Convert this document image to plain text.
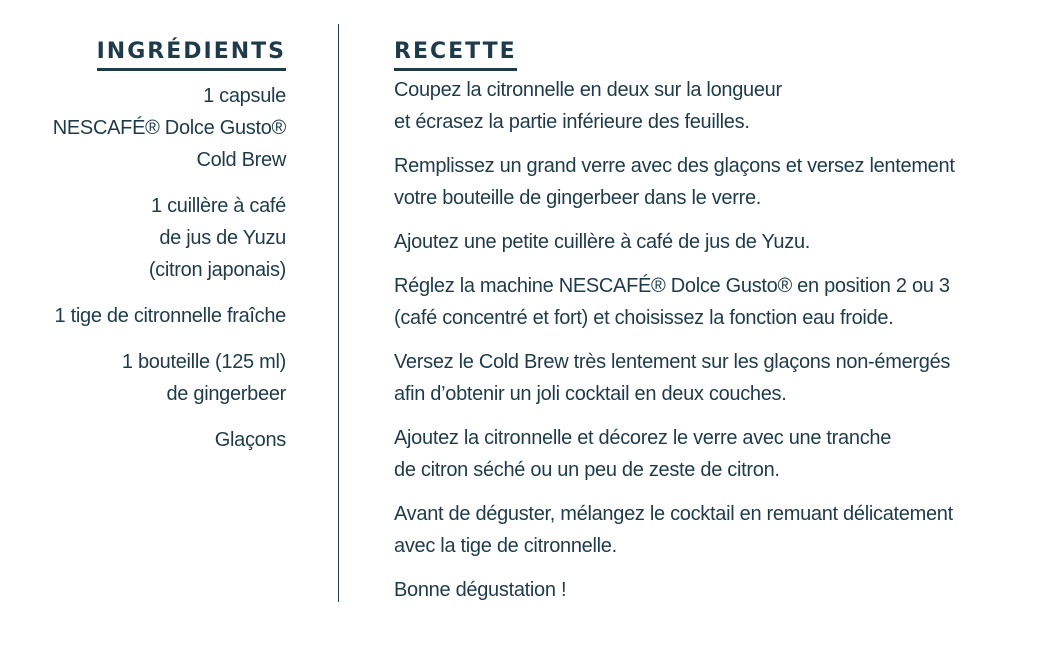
INGRÉDIENTS
1 capsule
NESCAFÉ® Dolce Gusto®
Cold Brew
1 cuillère à café
de jus de Yuzu
(citron japonais)
1 tige de citronnelle fraîche
1 bouteille (125 ml)
de gingerbeer
Glaçons
RECETTE
Coupez la citronnelle en deux sur la longueur
et écrasez la partie inférieure des feuilles.
Remplissez un grand verre avec des glaçons et versez lentement
votre bouteille de gingerbeer dans le verre.
Ajoutez une petite cuillère à café de jus de Yuzu.
Réglez la machine NESCAFÉ® Dolce Gusto® en position 2 ou 3
(café concentré et fort) et choisissez la fonction eau froide.
Versez le Cold Brew très lentement sur les glaçons non-émergés
afin d’obtenir un joli cocktail en deux couches.
Ajoutez la citronnelle et décorez le verre avec une tranche
de citron séché ou un peu de zeste de citron.
Avant de déguster, mélangez le cocktail en remuant délicatement
avec la tige de citronnelle.
Bonne dégustation !
